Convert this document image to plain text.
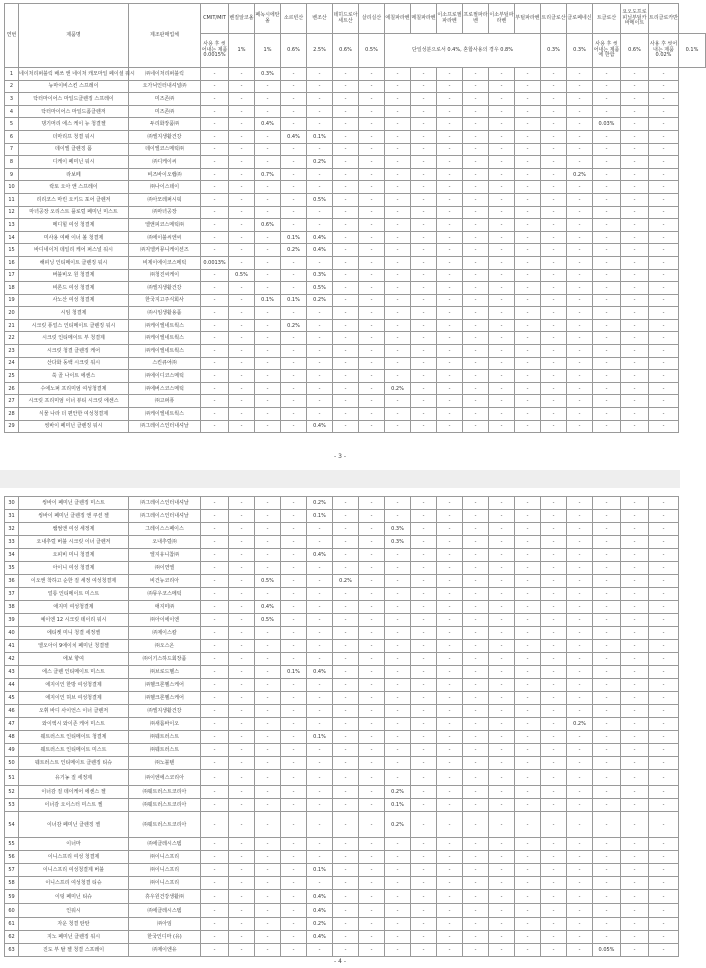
연번	제품명	제조판매업체	CMIT/MIT	벤질알코올	페녹시에탄올	소르빈산	벤조산	데히드로아세트산	살리실산	에칠파라벤	메칠파라벤	이소프로필파라벤	프로필파라벤	이소부틸파라벤	부틸파라벤	트리클로산	클로페네신	트클로산	요오도프로피닐부틸카바메이트	트리클로카반	
			사용 후 씻어내는 제품 0.0015%	1%	1%	0.6%	2.5%	0.6%	0.5%	단일성분으로서 0.4%, 혼합사용의 경우 0.8%						0.3%	0.3%	사용 후 씻어내는 제품에 한함	0.6%	사용 후 씻어내는 제품 0.02%	0.1%
1	네이처리퍼블릭 배쓰 앤 네이처 캐모마일 페이셜 워시	㈜네이처리퍼블릭	-	-	0.3%	-	-	-	-	-	-	-	-	-	-	-	-	-	-	-	
2	뉴마이비스킨 스프레이	오가닉인터내셔널㈜	-	-	-	-	-	-	-	-	-	-	-	-	-	-	-	-	-	-	
3	닥터마이어스 마일드클렌징 스프레이	미즈존㈜	-	-	-	-	-	-	-	-	-	-	-	-	-	-	-	-	-	-	
4	닥터마이어스 마일드폼클렌저	미즈존㈜	-	-	-	-	-	-	-	-	-	-	-	-	-	-	-	-	-	-	
5	댕기머리 에스 케이 뉴 청결젤	두리화장품㈜	-	-	0.4%	-	-	-	-	-	-	-	-	-	-	-	-	0.03%	-	-	
6	더마리프 청결 워시	㈜엘지생활건강	-	-	-	0.4%	0.1%	-	-	-	-	-	-	-	-	-	-	-	-	-	
7	데이엘 클렌징 폼	데이엘코스메틱㈜	-	-	-	-	-	-	-	-	-	-	-	-	-	-	-	-	-	-	
8	디케이 페미닌 워시	㈜디케이씨	-	-	-	-	0.2%	-	-	-	-	-	-	-	-	-	-	-	-	-	
9	라보떼	비즈바이오랩㈜	-	-	0.7%	-	-	-	-	-	-	-	-	-	-	-	0.2%	-	-	-	
10	락토 오아 앤 스프레이	㈜나이스데이	-	-	-	-	-	-	-	-	-	-	-	-	-	-	-	-	-	-	
11	리리코스 마린 오키드 포어 클렌저	㈜아모레퍼시픽	-	-	-	-	0.5%	-	-	-	-	-	-	-	-	-	-	-	-	-	
12	마녀공장 오리스트 플로럴 페미닌 미스트	㈜마녀공장	-	-	-	-	-	-	-	-	-	-	-	-	-	-	-	-	-	-	
13	메디힐 여성 청결제	엘앤피코스메틱㈜	-	-	0.6%	-	-	-	-	-	-	-	-	-	-	-	-	-	-	-	
14	미사용 여배 이너 볼 청결제	㈜에이블씨엔씨	-	-	-	0.1%	0.4%	-	-	-	-	-	-	-	-	-	-	-	-	-	
15	바디네이처 데일리 케어 퍼스널 워시	㈜지엘커뮤니케이션즈	-	-	-	0.2%	0.4%	-	-	-	-	-	-	-	-	-	-	-	-	-	
16	해피닝 인티메이트 클렌징 워시	비제이에이코스메틱	0.0013%	-	-	-	-	-	-	-	-	-	-	-	-	-	-	-	-	-	
17	버블비오 원 청결제	㈜청진씨케이	-	0.5%	-	-	0.3%	-	-	-	-	-	-	-	-	-	-	-	-	-	
18	비론드 여성 청결제	㈜엘지생활건강	-	-	-	-	0.5%	-	-	-	-	-	-	-	-	-	-	-	-	-	
19	사노산 여성 청결제	한국지고주식회사	-	-	0.1%	0.1%	0.2%	-	-	-	-	-	-	-	-	-	-	-	-	-	
20	시임 청결제	㈜시임생활용품	-	-	-	-	-	-	-	-	-	-	-	-	-	-	-	-	-	-	
21	시크릿 퓨얼스 인티메이트 클렌징 워시	㈜케이엘네트웍스	-	-	-	0.2%	-	-	-	-	-	-	-	-	-	-	-	-	-	-	
22	시크릿 인티메이트 부 청결제	㈜케이엘네트웍스	-	-	-	-	-	-	-	-	-	-	-	-	-	-	-	-	-	-	
23	시크릿 청결 클렌징 케어	㈜케이엘네트웍스	-	-	-	-	-	-	-	-	-	-	-	-	-	-	-	-	-	-	
24	산다화 동백 시크릿 워시	스킨큐어㈜	-	-	-	-	-	-	-	-	-	-	-	-	-	-	-	-	-	-	
25	쑥 골 나이트 에센스	㈜에이디코스메틱	-	-	-	-	-	-	-	-	-	-	-	-	-	-	-	-	-	-	
26	수에노퍼 프리미엄 여성청결제	㈜에버스코스메틱	-	-	-	-	-	-	-	0.2%	-	-	-	-	-	-	-	-	-	-	
27	시크릿 프리미엄 이너 뷰티 시크릿 에센스	㈜고퍼퓨	-	-	-	-	-	-	-	-	-	-	-	-	-	-	-	-	-	-	
28	식물 나라 더 편안한 여성청결제	㈜케이엘네트웍스	-	-	-	-	-	-	-	-	-	-	-	-	-	-	-	-	-	-	
29	씽바이 페미닌 클렌징 워시	㈜그레이스인터내셔날	-	-	-	-	0.4%	-	-	-	-	-	-	-	-	-	-	-	-	-	
- 3 -
30	씽바이 페미닌 클렌징 미스트	㈜그레이스인터내셔날	-	-	-	-	0.2%	-	-	-	-	-	-	-	-	-	-	-	-	-
31	씽바이 페미닌 클렌징 앤 쿠션 젤	㈜그레이스인터내셔날	-	-	-	-	0.1%	-	-	-	-	-	-	-	-	-	-	-	-	-
32	쌤썸앤 여성 세정제	그레이스스페이스	-	-	-	-	-	-	-	0.3%	-	-	-	-	-	-	-	-	-	-
33	오내추럴 버블 시크릿 이너 클렌저	오내추럴㈜	-	-	-	-	-	-	-	0.3%	-	-	-	-	-	-	-	-	-	-
34	오피비 미니 청결제	엘지유니참㈜	-	-	-	-	0.4%	-	-	-	-	-	-	-	-	-	-	-	-	-
35	아이니 여성 청결제	㈜이연엘	-	-	-	-	-	-	-	-	-	-	-	-	-	-	-	-	-	-
36	이오앤 착하고 순한 질 세정 여성청결제	비건뉴코리아	-	-	0.5%	-	-	0.2%	-	-	-	-	-	-	-	-	-	-	-	-
37	얼롱 인티메이트 미스트	㈜뮤우코스메틱	-	-	-	-	-	-	-	-	-	-	-	-	-	-	-	-	-	-
38	애지미 여성청결제	애지미㈜	-	-	0.4%	-	-	-	-	-	-	-	-	-	-	-	-	-	-	-
39	예이엔 12 시크릿 데이리 워시	㈜아이에이엔	-	-	0.5%	-	-	-	-	-	-	-	-	-	-	-	-	-	-	-
40	에티켓 미니 청결 세정젤	㈜제이스칼	-	-	-	-	-	-	-	-	-	-	-	-	-	-	-	-	-	-
41	엘오아이 9에이치 페미닌 청결젤	㈜오스온	-	-	-	-	-	-	-	-	-	-	-	-	-	-	-	-	-	-
42	에보 향여	㈜이기스하드회장품	-	-	-	-	-	-	-	-	-	-	-	-	-	-	-	-	-	-
43	에스 클렌 인티메이트 미스트	㈜브로드헬스	-	-	-	0.1%	0.4%	-	-	-	-	-	-	-	-	-	-	-	-	-
44	에지이인 한방 여성청결제	㈜헬크론헬스케어	-	-	-	-	-	-	-	-	-	-	-	-	-	-	-	-	-	-
45	에지이인 허브 여성청결제	㈜헬크론헬스케어	-	-	-	-	-	-	-	-	-	-	-	-	-	-	-	-	-	-
46	오휘 바디 사이언스 이너 클렌저	㈜엘지생활건강	-	-	-	-	-	-	-	-	-	-	-	-	-	-	-	-	-	-
47	와이엑시 와이존 케어 미스트	㈜새롬바이오	-	-	-	-	-	-	-	-	-	-	-	-	-	-	0.2%	-	-	-
48	웨트러스트 인티메이트 청결제	㈜웨트러스트	-	-	-	-	0.1%	-	-	-	-	-	-	-	-	-	-	-	-	-
49	웨트러스트 인티메이트 미스트	㈜웨트러스트	-	-	-	-	-	-	-	-	-	-	-	-	-	-	-	-	-	-
50	웨트러스트 인티메이트 클렌징 티슈	㈜노블텐	-	-	-	-	-	-	-	-	-	-	-	-	-	-	-	-	-	-
51	유기농 질 세정제	㈜이엔에스코리아	-	-	-	-	-	-	-	-	-	-	-	-	-	-	-	-	-	-
52	이너감 질 데이케어 에센스 젤	㈜웨트러스트코리아	-	-	-	-	-	-	-	0.2%	-	-	-	-	-	-	-	-	-	-
53	이너감 오이스터 미스트 젤	㈜웨트러스트코리아	-	-	-	-	-	-	-	0.1%	-	-	-	-	-	-	-	-	-	-
54	이너감 페미닌 클렌징 젤	㈜웨트러스트코리아	-	-	-	-	-	-	-	0.2%	-	-	-	-	-	-	-	-	-	-
55	이너마	㈜에클레시스템	-	-	-	-	-	-	-	-	-	-	-	-	-	-	-	-	-	-
56	이니스프리 여성 청결제	㈜이니스프리	-	-	-	-	-	-	-	-	-	-	-	-	-	-	-	-	-	-
57	이니스프리 여성청결제 버블	㈜이니스프리	-	-	-	-	0.1%	-	-	-	-	-	-	-	-	-	-	-	-	-
58	이니스프리 여성청결 티슈	㈜이니스프리	-	-	-	-	-	-	-	-	-	-	-	-	-	-	-	-	-	-
59	이팅 페미닌 티슈	휴우원건강생활㈜	-	-	-	-	0.4%	-	-	-	-	-	-	-	-	-	-	-	-	-
60	인워시	㈜에클레시스템	-	-	-	-	0.4%	-	-	-	-	-	-	-	-	-	-	-	-	-
61	자운 청결 탄탄	㈜아임	-	-	-	-	0.2%	-	-	-	-	-	-	-	-	-	-	-	-	-
62	지노 페미닌 클렌징 워시	한국인디마 (유)	-	-	-	-	0.4%	-	-	-	-	-	-	-	-	-	-	-	-	-
63	진도 부 탈 젤 청결 스프레이	㈜제이엔유	-	-	-	-	-	-	-	-	-	-	-	-	-	-	-	0.05%	-	-
- 4 -
